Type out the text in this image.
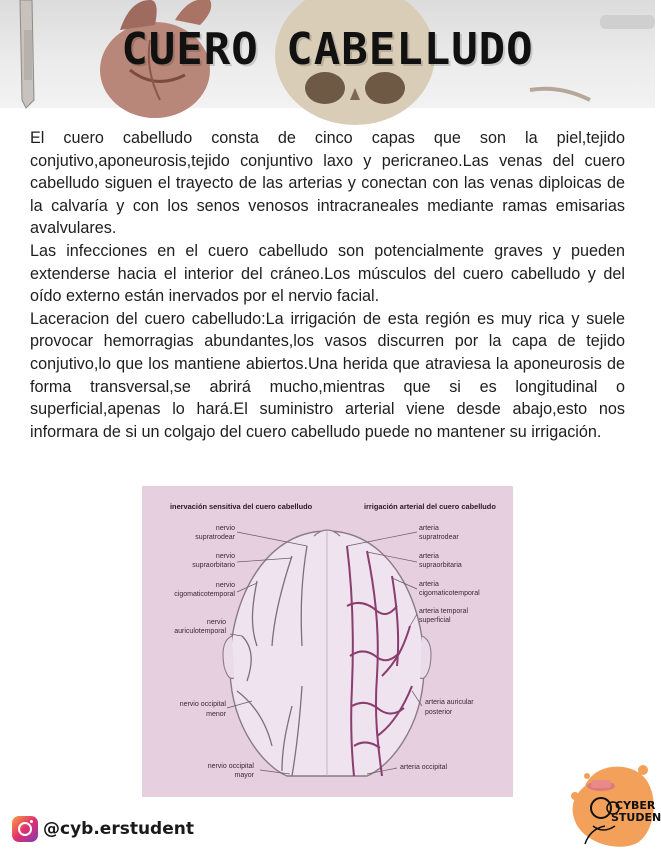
CUERO CABELLUDO

El cuero cabelludo consta de cinco capas que son la piel,tejido conjutivo,aponeurosis,tejido conjuntivo laxo y pericraneo.Las venas del cuero cabelludo siguen el trayecto de las arterias y conectan con las venas diploicas de la calvaría y con los senos venosos intracraneales mediante ramas emisarias avalvulares.

Las infecciones en el cuero cabelludo son potencialmente graves y pueden extenderse hacia el interior del cráneo.Los músculos del cuero cabelludo y del oído externo están inervados por el nervio facial.

Laceracion del cuero cabelludo:La irrigación de esta región es muy rica y suele provocar hemorragias abundantes,los vasos discurren por la capa de tejido conjutivo,lo que los mantiene abiertos.Una herida que atraviesa la aponeurosis de forma transversal,se abrirá mucho,mientras que si es longitudinal o superficial,apenas lo hará.El suministro arterial viene desde abajo,esto nos informara de si un colgajo del cuero cabelludo puede no mantener su irrigación.

inervación sensitiva del cuero cabelludo	irrigación arterial del cuero cabelludo
nervio
supratrodear
nervio
supraorbitario
nervio
cigomaticotemporal
nervio
auriculotemporal
nervio occipital
menor
nervio occipital
mayor
arteria
supratrodear
arteria
supraorbitaria
arteria
cigomaticotemporal
arteria temporal
superficial
arteria auricular
posterior
arteria occipital
@cyb.erstudent
CYBER
STUDEN
